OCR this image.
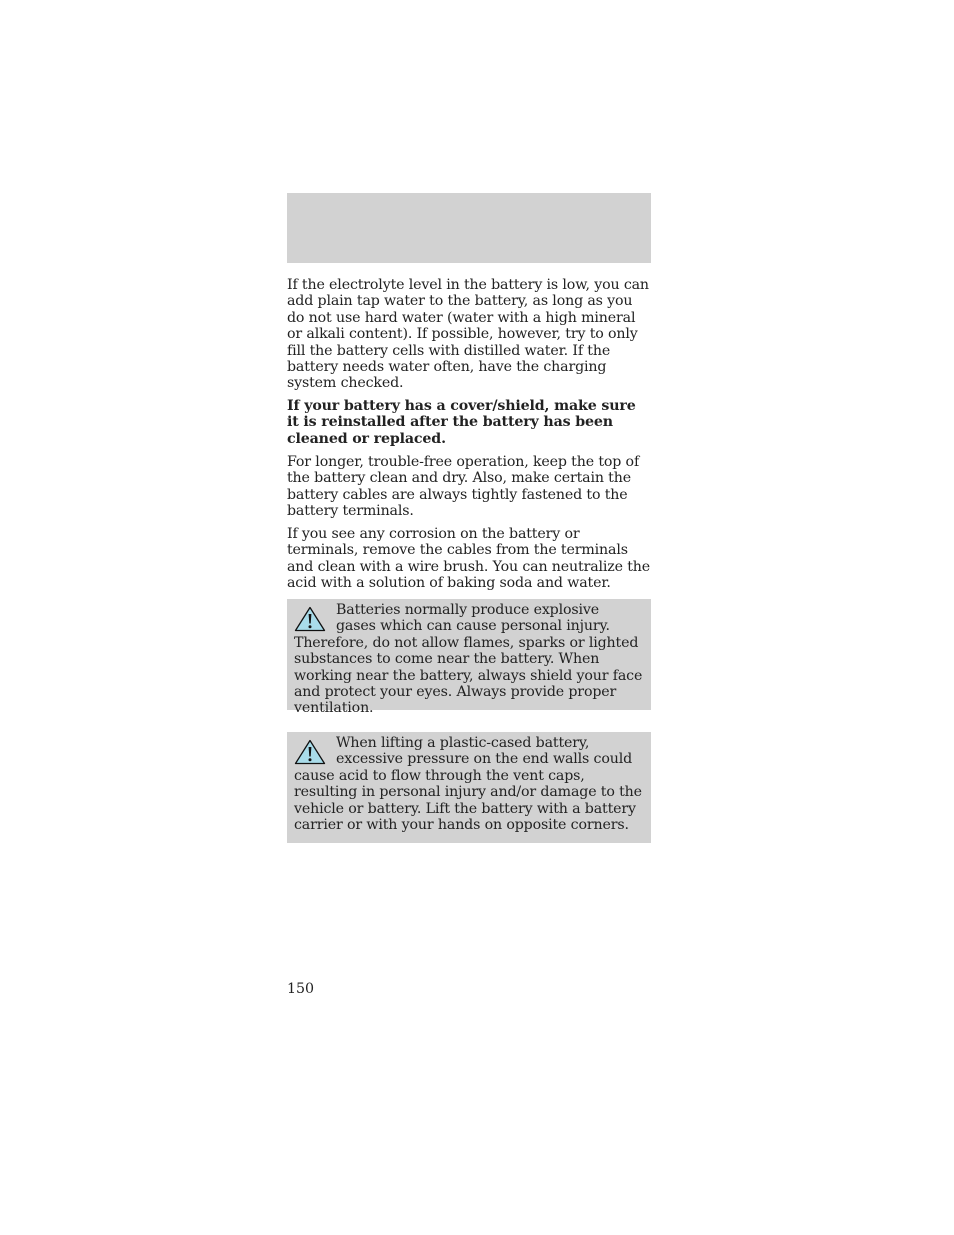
If the electrolyte level in the battery is low, you can add plain tap water to the battery, as long as you do not use hard water (water with a high mineral or alkali content). If possible, however, try to only fill the battery cells with distilled water. If the battery needs water often, have the charging system checked.

If your battery has a cover/shield, make sure it is reinstalled after the battery has been cleaned or replaced.

For longer, trouble-free operation, keep the top of the battery clean and dry. Also, make certain the battery cables are always tightly fastened to the battery terminals.

If you see any corrosion on the battery or terminals, remove the cables from the terminals and clean with a wire brush. You can neutralize the acid with a solution of baking soda and water.

Batteries normally produce explosive gases which can cause personal injury. Therefore, do not allow flames, sparks or lighted substances to come near the battery. When working near the battery, always shield your face and protect your eyes. Always provide proper ventilation.
When lifting a plastic-cased battery, excessive pressure on the end walls could cause acid to flow through the vent caps, resulting in personal injury and/or damage to the vehicle or battery. Lift the battery with a battery carrier or with your hands on opposite corners.
150
